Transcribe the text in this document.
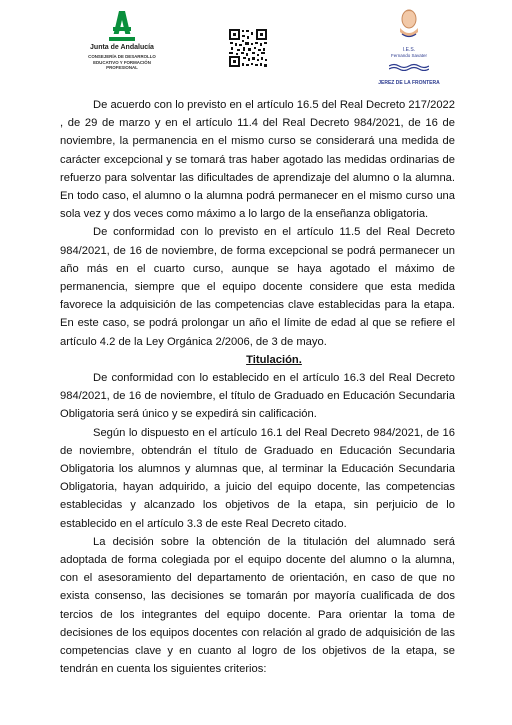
Junta de Andalucía
CONSEJERÍA DE DESARROLLO
EDUCATIVO Y FORMACIÓN
PROFESIONAL
I.E.S.
Fernando Savater
JEREZ DE LA FRONTERA

De acuerdo con lo previsto en el artículo 16.5 del Real Decreto 217/2022 , de 29 de marzo y en el artículo 11.4 del Real Decreto 984/2021, de 16 de noviembre, la permanencia en el mismo curso se considerará una medida de carácter excepcional y se tomará tras haber agotado las medidas ordinarias de refuerzo para solventar las dificultades de aprendizaje del alumno o la alumna. En todo caso, el alumno o la alumna podrá permanecer en el mismo curso una sola vez y dos veces como máximo a lo largo de la enseñanza obligatoria.

De conformidad con lo previsto en el artículo 11.5 del Real Decreto 984/2021, de 16 de noviembre, de forma excepcional se podrá permanecer un año más en el cuarto curso, aunque se haya agotado el máximo de permanencia, siempre que el equipo docente considere que esta medida favorece la adquisición de las competencias clave establecidas para la etapa. En este caso, se podrá prolongar un año el límite de edad al que se refiere el artículo 4.2 de la Ley Orgánica 2/2006, de 3 de mayo.

Titulación.

De conformidad con lo establecido en el artículo 16.3 del Real Decreto 984/2021, de 16 de noviembre, el título de Graduado en Educación Secundaria Obligatoria será único y se expedirá sin calificación.

Según lo dispuesto en el artículo 16.1 del Real Decreto 984/2021, de 16 de noviembre, obtendrán el título de Graduado en Educación Secundaria Obligatoria los alumnos y alumnas que, al terminar la Educación Secundaria Obligatoria, hayan adquirido, a juicio del equipo docente, las competencias establecidas y alcanzado los objetivos de la etapa, sin perjuicio de lo establecido en el artículo 3.3 de este Real Decreto citado.

La decisión sobre la obtención de la titulación del alumnado será adoptada de forma colegiada por el equipo docente del alumno o la alumna, con el asesoramiento del departamento de orientación, en caso de que no exista consenso, las decisiones se tomarán por mayoría cualificada de dos tercios de los integrantes del equipo docente. Para orientar la toma de decisiones de los equipos docentes con relación al grado de adquisición de las competencias clave y en cuanto al logro de los objetivos de la etapa, se tendrán en cuenta los siguientes criterios:
